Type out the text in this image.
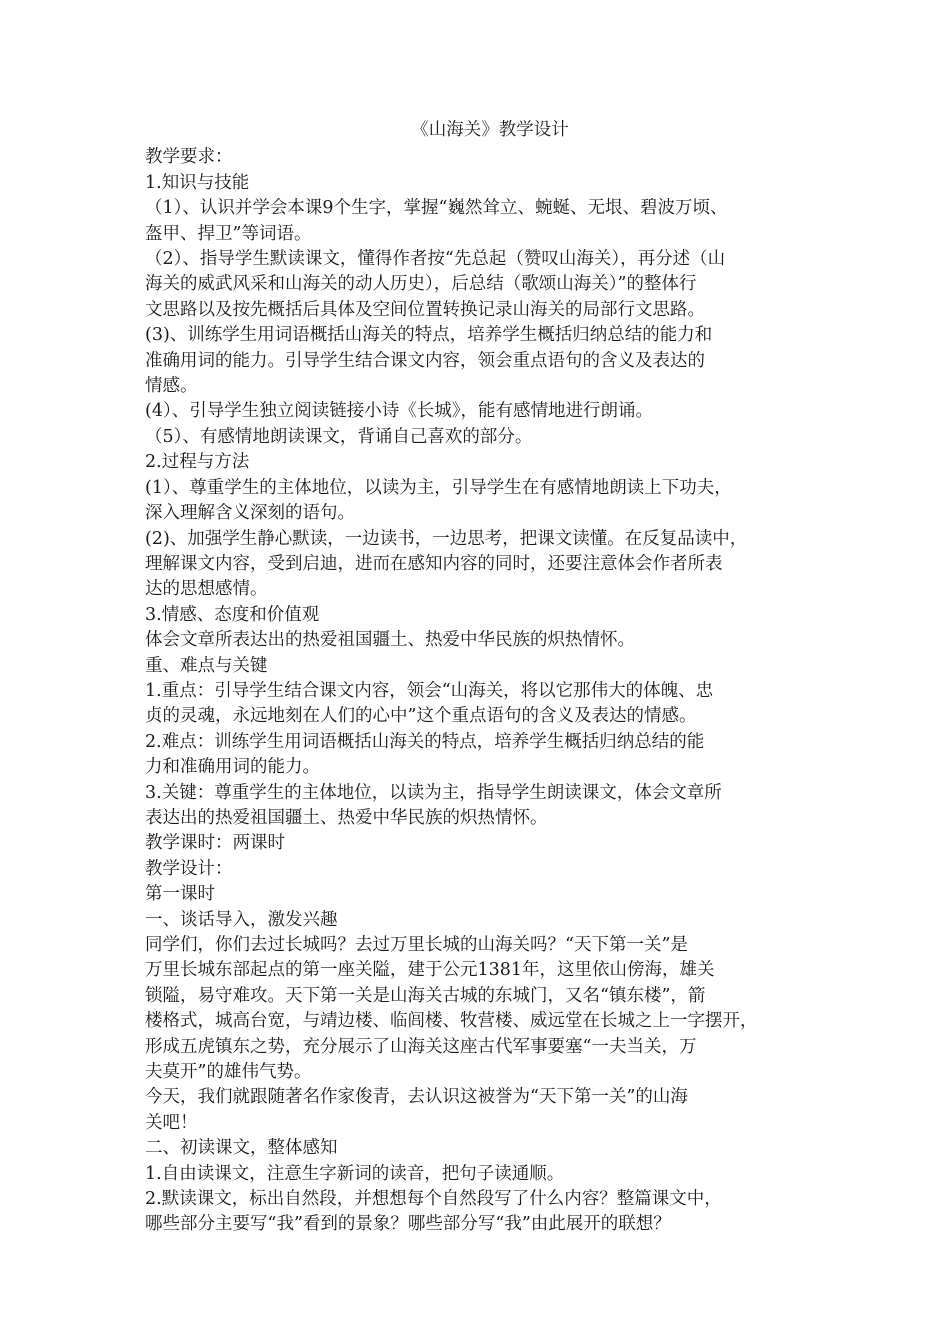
《山海关》教学设计

教学要求：

1.知识与技能

（1）、认识并学会本课9个生字，掌握“巍然耸立、蜿蜒、无垠、碧波万顷、

盔甲、捍卫”等词语。

（2）、指导学生默读课文，懂得作者按“先总起（赞叹山海关），再分述（山

海关的威武风采和山海关的动人历史），后总结（歌颂山海关）”的整体行

文思路以及按先概括后具体及空间位置转换记录山海关的局部行文思路。

(3)、训练学生用词语概括山海关的特点，培养学生概括归纳总结的能力和

准确用词的能力。引导学生结合课文内容，领会重点语句的含义及表达的

情感。

(4）、引导学生独立阅读链接小诗《长城》，能有感情地进行朗诵。

（5）、有感情地朗读课文，背诵自己喜欢的部分。

2.过程与方法

(1）、尊重学生的主体地位，以读为主，引导学生在有感情地朗读上下功夫，

深入理解含义深刻的语句。

(2)、加强学生静心默读，一边读书，一边思考，把课文读懂。在反复品读中，

理解课文内容，受到启迪，进而在感知内容的同时，还要注意体会作者所表

达的思想感情。

3.情感、态度和价值观

体会文章所表达出的热爱祖国疆土、热爱中华民族的炽热情怀。

重、难点与关键

1.重点：引导学生结合课文内容，领会“山海关，将以它那伟大的体魄、忠

贞的灵魂，永远地刻在人们的心中”这个重点语句的含义及表达的情感。

2.难点：训练学生用词语概括山海关的特点，培养学生概括归纳总结的能

力和准确用词的能力。

3.关键：尊重学生的主体地位，以读为主，指导学生朗读课文，体会文章所

表达出的热爱祖国疆土、热爱中华民族的炽热情怀。

教学课时：两课时

教学设计：

第一课时

一、谈话导入，激发兴趣

同学们，你们去过长城吗？去过万里长城的山海关吗？“天下第一关”是

万里长城东部起点的第一座关隘，建于公元1381年，这里依山傍海，雄关

锁隘，易守难攻。天下第一关是山海关古城的东城门，又名“镇东楼”，箭

楼格式，城高台宽，与靖边楼、临闾楼、牧营楼、威远堂在长城之上一字摆开，

形成五虎镇东之势，充分展示了山海关这座古代军事要塞“一夫当关，万

夫莫开”的雄伟气势。

今天，我们就跟随著名作家俊青，去认识这被誉为“天下第一关”的山海

关吧！

二、初读课文，整体感知

1.自由读课文，注意生字新词的读音，把句子读通顺。

2.默读课文，标出自然段，并想想每个自然段写了什么内容？整篇课文中，

哪些部分主要写“我”看到的景象？哪些部分写“我”由此展开的联想？
